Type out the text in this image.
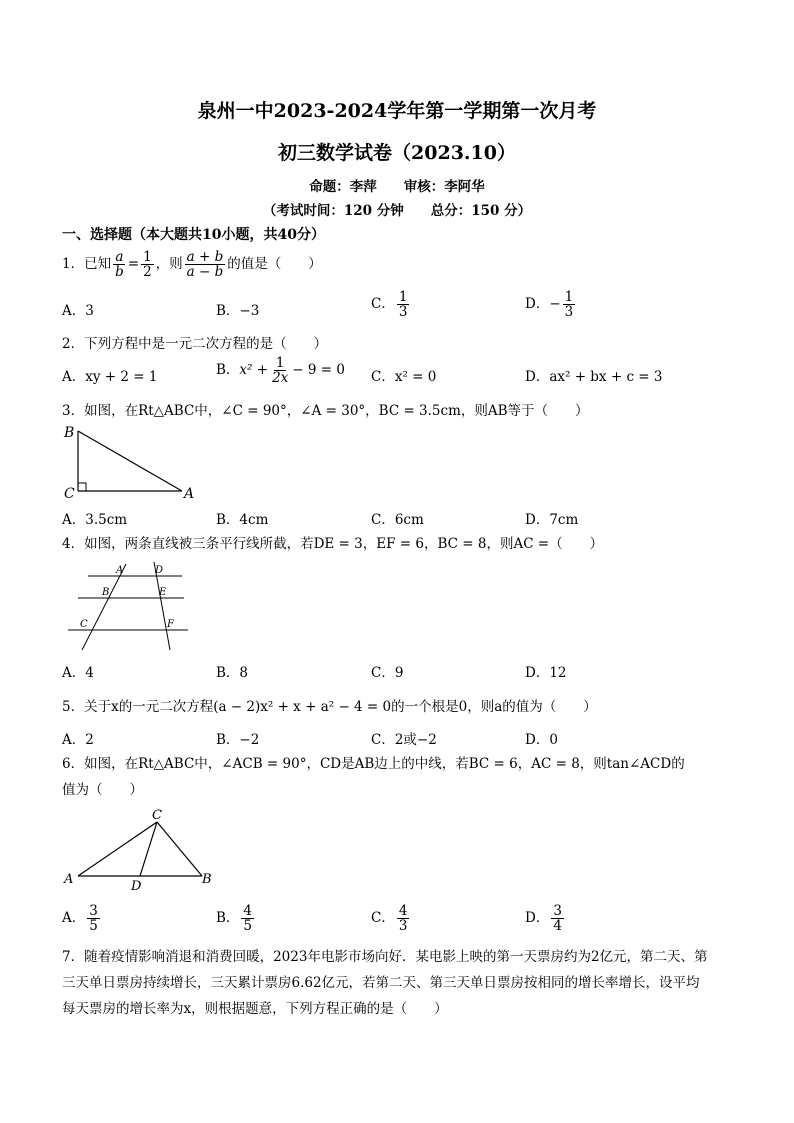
泉州一中2023-2024学年第一学期第一次月考
初三数学试卷（2023.10）
命题：李萍　　审核：李阿华
（考试时间：120 分钟　　总分：150 分）
一、选择题（本大题共10小题，共40分）
1．已知 $\frac{a}{b} = \frac{1}{2}$ ，则 $\frac{a + b}{a - b}$ 的值是（　　）
A．3	B．−3	C． $\frac{1}{3}$	D．− $\frac{1}{3}$
2．下列方程中是一元二次方程的是（　　）
A．xy + 2 = 1	B．$x^2 + \frac{1}{2x} - 9 = 0$ C．x² = 0	D．ax² + bx + c = 3
3．如图，在Rt△ABC中，∠C = 90°，∠A = 30°，BC = 3.5cm，则AB等于（　　）
B
C	A
A．3.5cm	B．4cm	C．6cm	D．7cm
4．如图，两条直线被三条平行线所截，若DE = 3，EF = 6，BC = 8，则AC =（　　）
A	D
B	E
C	F
A．4	B．8	C．9	D．12
5．关于x的一元二次方程(a − 2)x² + x + a² − 4 = 0的一个根是0，则a的值为（　　）
A．2	B．−2	C．2或−2	D．0
6．如图，在Rt△ABC中，∠ACB = 90°，CD是AB边上的中线，若BC = 6，AC = 8，则tan∠ACD的
值为（　　）
C
A	D	B
A． $\frac{3}{5}$	B． $\frac{4}{5}$	C． $\frac{4}{3}$	D． $\frac{3}{4}$
7．随着疫情影响消退和消费回暖，2023年电影市场向好．某电影上映的第一天票房约为2亿元，第二天、第
三天单日票房持续增长，三天累计票房6.62亿元，若第二天、第三天单日票房按相同的增长率增长，设平均
每天票房的增长率为x，则根据题意，下列方程正确的是（　　）
